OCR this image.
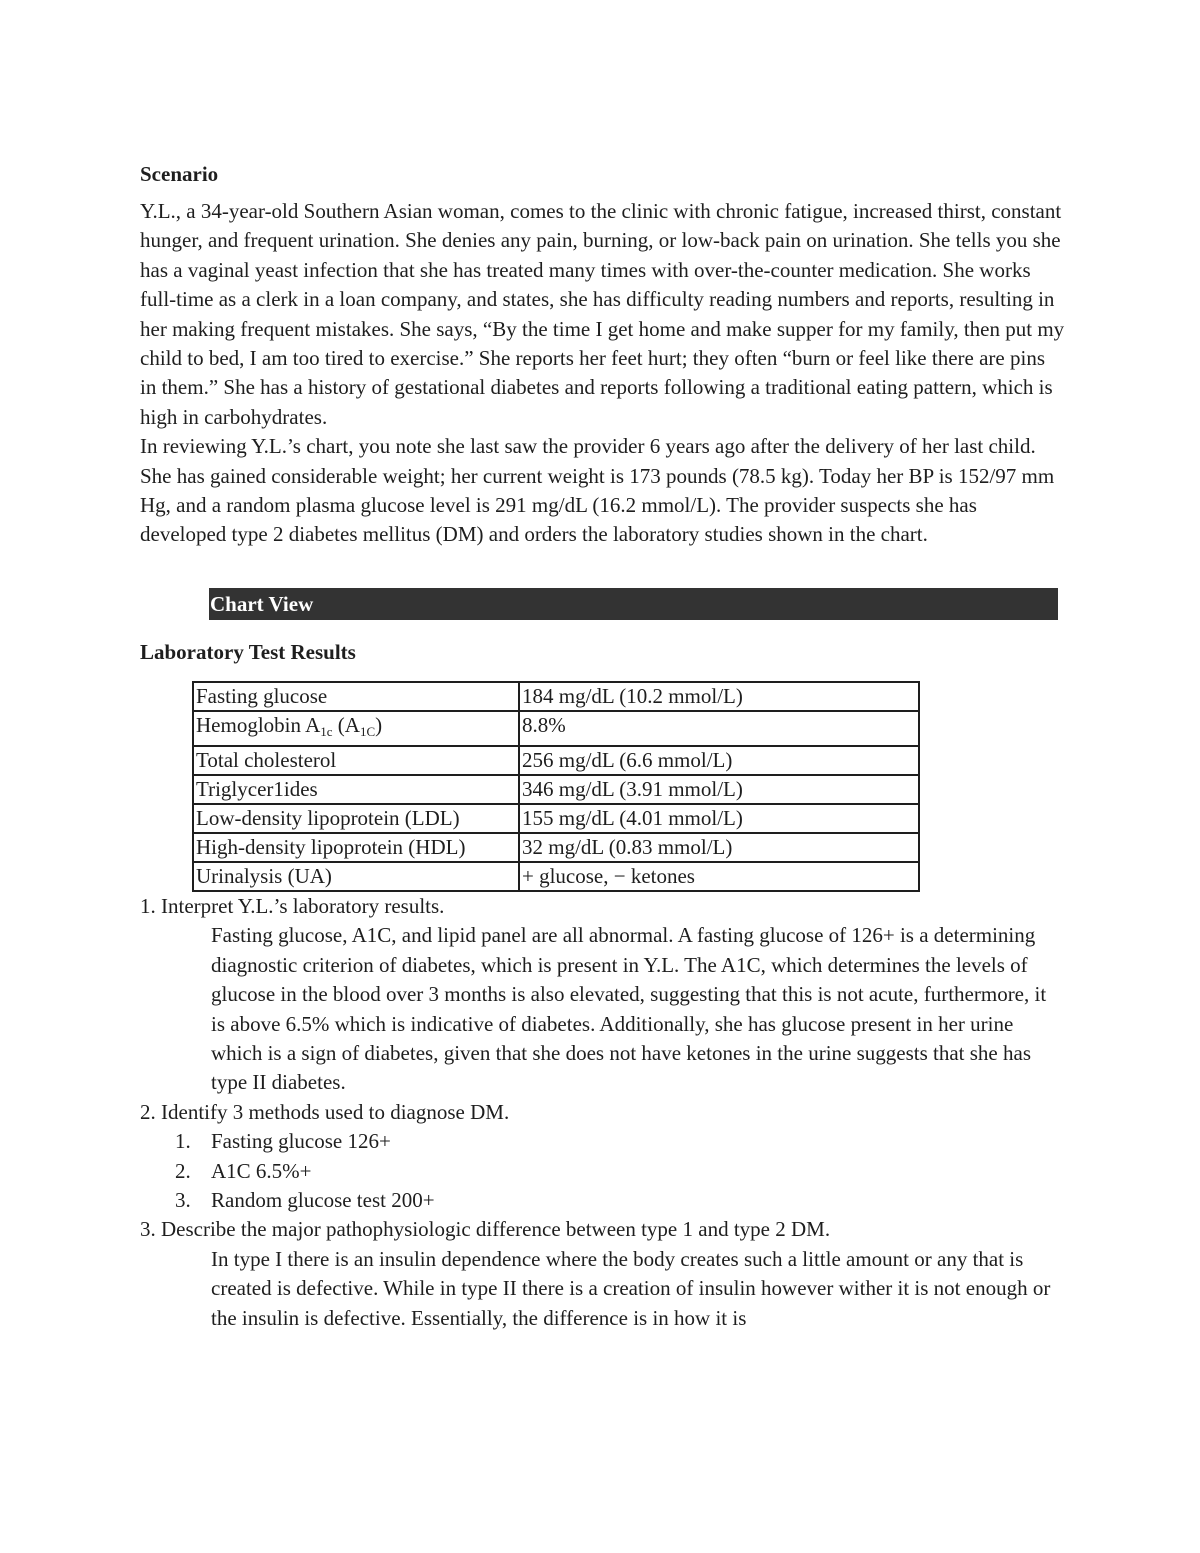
Scenario

Y.L., a 34-year-old Southern Asian woman, comes to the clinic with chronic fatigue, increased thirst, constant hunger, and frequent urination. She denies any pain, burning, or low-back pain on urination. She tells you she has a vaginal yeast infection that she has treated many times with over-the-counter medication. She works full-time as a clerk in a loan company, and states, she has difficulty reading numbers and reports, resulting in her making frequent mistakes. She says, “By the time I get home and make supper for my family, then put my child to bed, I am too tired to exercise.” She reports her feet hurt; they often “burn or feel like there are pins in them.” She has a history of gestational diabetes and reports following a traditional eating pattern, which is high in carbohydrates.

In reviewing Y.L.’s chart, you note she last saw the provider 6 years ago after the delivery of her last child. She has gained considerable weight; her current weight is 173 pounds (78.5 kg). Today her BP is 152/97 mm Hg, and a random plasma glucose level is 291 mg/dL (16.2 mmol/L). The provider suspects she has developed type 2 diabetes mellitus (DM) and orders the laboratory studies shown in the chart.

Chart View
Laboratory Test Results
Fasting glucose	184 mg/dL (10.2 mmol/L)
Hemoglobin $A_{1c}$ $(A_{1C})$	8.8%
Total cholesterol	256 mg/dL (6.6 mmol/L)
Triglycer1ides	346 mg/dL (3.91 mmol/L)
Low-density lipoprotein (LDL)	155 mg/dL (4.01 mmol/L)
High-density lipoprotein (HDL)	32 mg/dL (0.83 mmol/L)
Urinalysis (UA)	+ glucose, − ketones

1. Interpret Y.L.’s laboratory results.

Fasting glucose, A1C, and lipid panel are all abnormal. A fasting glucose of 126+ is a determining diagnostic criterion of diabetes, which is present in Y.L. The A1C, which determines the levels of glucose in the blood over 3 months is also elevated, suggesting that this is not acute, furthermore, it is above 6.5% which is indicative of diabetes. Additionally, she has glucose present in her urine which is a sign of diabetes, given that she does not have ketones in the urine suggests that she has type II diabetes.

2. Identify 3 methods used to diagnose DM.

1. Fasting glucose 126+
2. A1C 6.5%+
3. Random glucose test 200+

3. Describe the major pathophysiologic difference between type 1 and type 2 DM.

In type I there is an insulin dependence where the body creates such a little amount or any that is created is defective. While in type II there is a creation of insulin however wither it is not enough or the insulin is defective. Essentially, the difference is in how it is
